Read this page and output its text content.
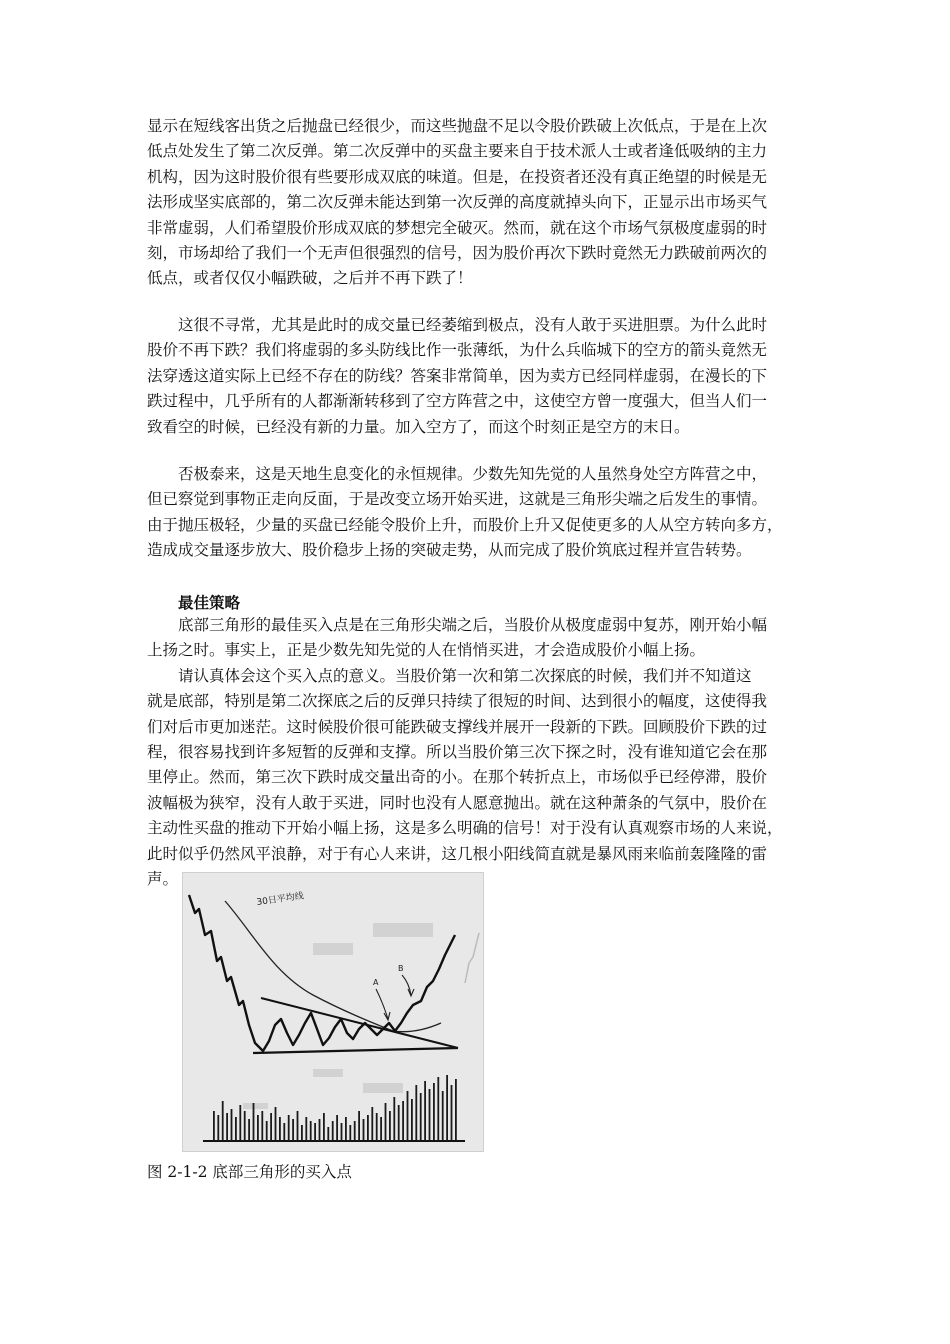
显示在短线客出货之后抛盘已经很少，而这些抛盘不足以令股价跌破上次低点，于是在上次
低点处发生了第二次反弹。第二次反弹中的买盘主要来自于技术派人士或者逢低吸纳的主力
机构，因为这时股价很有些要形成双底的味道。但是，在投资者还没有真正绝望的时候是无
法形成坚实底部的，第二次反弹未能达到第一次反弹的高度就掉头向下，正显示出市场买气
非常虚弱，人们希望股价形成双底的梦想完全破灭。然而，就在这个市场气氛极度虚弱的时
刻，市场却给了我们一个无声但很强烈的信号，因为股价再次下跌时竟然无力跌破前两次的
低点，或者仅仅小幅跌破，之后并不再下跌了！
　　这很不寻常，尤其是此时的成交量已经萎缩到极点，没有人敢于买进胆票。为什么此时
股价不再下跌？我们将虚弱的多头防线比作一张薄纸，为什么兵临城下的空方的箭头竟然无
法穿透这道实际上已经不存在的防线？答案非常简单，因为卖方已经同样虚弱，在漫长的下
跌过程中，几乎所有的人都渐渐转移到了空方阵营之中，这使空方曾一度强大，但当人们一
致看空的时候，已经没有新的力量。加入空方了，而这个时刻正是空方的末日。
　　否极泰来，这是天地生息变化的永恒规律。少数先知先觉的人虽然身处空方阵营之中，
但已察觉到事物正走向反面，于是改变立场开始买进，这就是三角形尖端之后发生的事情。
由于抛压极轻，少量的买盘已经能令股价上升，而股价上升又促使更多的人从空方转向多方，
造成成交量逐步放大、股价稳步上扬的突破走势，从而完成了股价筑底过程并宣告转势。
最佳策略
　　底部三角形的最佳买入点是在三角形尖端之后，当股价从极度虚弱中复苏，刚开始小幅
上扬之时。事实上，正是少数先知先觉的人在悄悄买进，才会造成股价小幅上扬。
　　请认真体会这个买入点的意义。当股价第一次和第二次探底的时候，我们并不知道这
就是底部，特别是第二次探底之后的反弹只持续了很短的时间、达到很小的幅度，这使得我
们对后市更加迷茫。这时候股价很可能跌破支撑线并展开一段新的下跌。回顾股价下跌的过
程，很容易找到许多短暂的反弹和支撑。所以当股价第三次下探之时，没有谁知道它会在那
里停止。然而，第三次下跌时成交量出奇的小。在那个转折点上，市场似乎已经停滞，股价
波幅极为狭窄，没有人敢于买进，同时也没有人愿意抛出。就在这种萧条的气氛中，股价在
主动性买盘的推动下开始小幅上扬，这是多么明确的信号！对于没有认真观察市场的人来说，
此时似乎仍然风平浪静，对于有心人来讲，这几根小阳线简直就是暴风雨来临前轰隆隆的雷
声。
30日平均线
A
B
图 2-1-2 底部三角形的买入点
